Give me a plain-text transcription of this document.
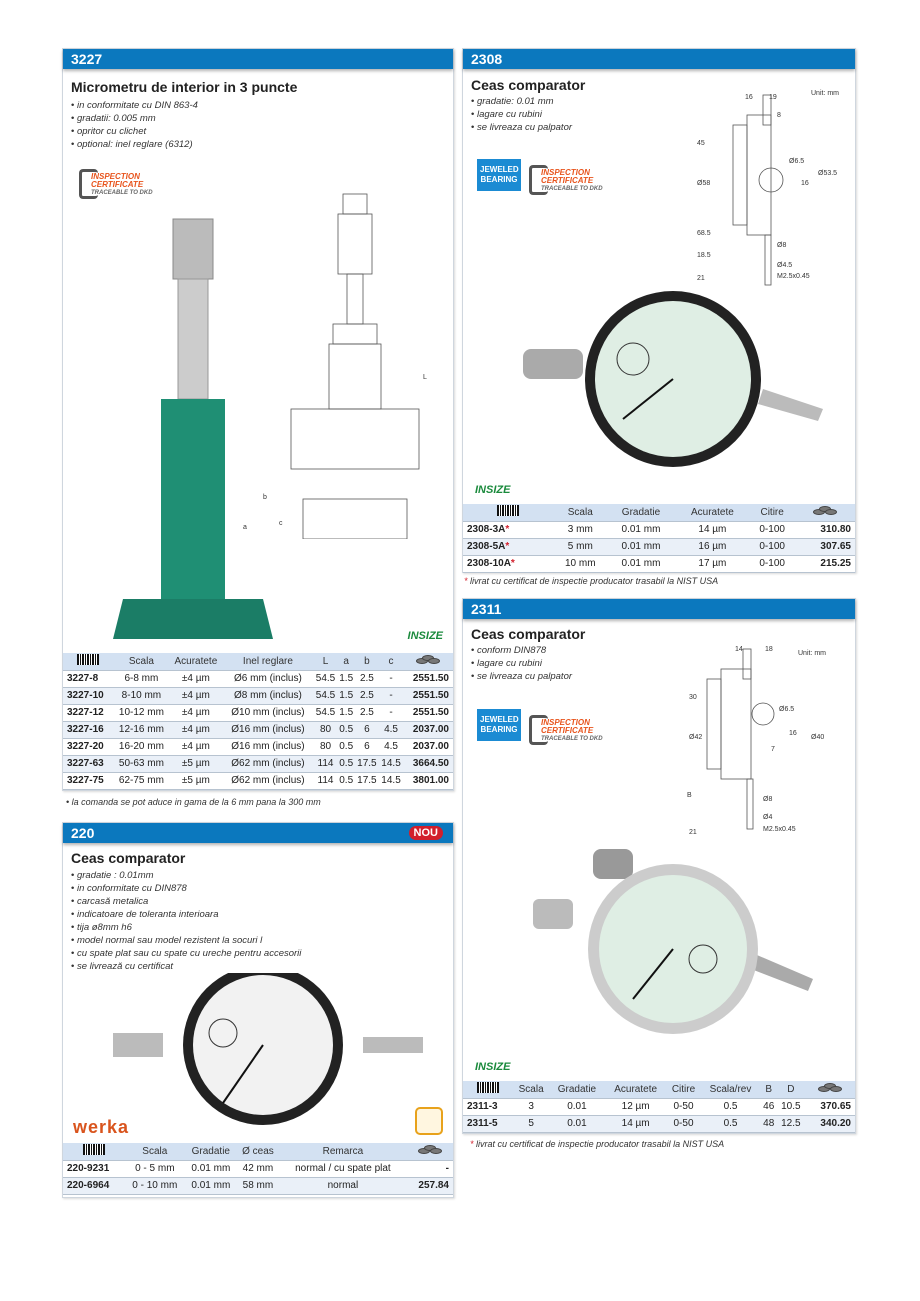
3227
Micrometru de interior in 3 puncte
• in conformitate cu DIN 863-4
• gradatii: 0.005 mm
• opritor cu clichet
• optional: inel reglare (6312)
INSPECTION
CERTIFICATE
TRACEABLE TO DKD
L
a
b
c
INSIZE
	Scala	Acuratete	Inel reglare	L	a	b	c	

3227-8	6-8 mm	±4 µm	Ø6 mm (inclus)	54.5	1.5	2.5	-	2551.50
3227-10	8-10 mm	±4 µm	Ø8 mm (inclus)	54.5	1.5	2.5	-	2551.50
3227-12	10-12 mm	±4 µm	Ø10 mm (inclus)	54.5	1.5	2.5	-	2551.50
3227-16	12-16 mm	±4 µm	Ø16 mm (inclus)	80	0.5	6	4.5	2037.00
3227-20	16-20 mm	±4 µm	Ø16 mm (inclus)	80	0.5	6	4.5	2037.00
3227-63	50-63 mm	±5 µm	Ø62 mm (inclus)	114	0.5	17.5	14.5	3664.50
3227-75	62-75 mm	±5 µm	Ø62 mm (inclus)	114	0.5	17.5	14.5	3801.00
• la comanda se pot aduce in gama de la 6 mm pana la 300 mm
2308
Ceas comparator
• gradatie: 0.01 mm
• lagare cu rubini
• se livreaza cu palpator
JEWELED BEARING
INSPECTION
CERTIFICATE
TRACEABLE TO DKD
Unit: mm
16 19
8
45
Ø58
Ø6.5
16
Ø53.5
68.5
18.5
Ø8
21
Ø4.5
M2.5x0.45
INSIZE
	Scala	Gradatie	Acuratete	Citire	

2308-3A*	3 mm	0.01 mm	14 µm	0-100	310.80
2308-5A*	5 mm	0.01 mm	16 µm	0-100	307.65
2308-10A*	10 mm	0.01 mm	17 µm	0-100	215.25
* livrat cu certificat de inspectie producator trasabil la NIST USA
2311
Ceas comparator
• conform DIN878
• lagare cu rubini
• se livreaza cu palpator
JEWELED BEARING
INSPECTION
CERTIFICATE
TRACEABLE TO DKD
Unit: mm
14	18
30
Ø42
Ø6.5
16
Ø40
7
B
Ø8
Ø4
21	M2.5x0.45
INSIZE
	Scala	Gradatie	Acuratete	Citire	Scala/rev	B	D	

2311-3	3	0.01	12 µm	0-50	0.5	46	10.5	370.65
2311-5	5	0.01	14 µm	0-50	0.5	48	12.5	340.20
* livrat cu certificat de inspectie producator trasabil la NIST USA
220	NOU
Ceas comparator
• gradatie : 0.01mm
• in conformitate cu DIN878
• carcasă metalica
• indicatoare de toleranta interioara
• tija ø8mm h6
• model normal sau model rezistent la socuri l
• cu spate plat sau cu spate cu ureche pentru accesorii
• se livrează cu certificat
werka
	Scala	Gradatie	Ø ceas	Remarca	

220-9231	0 - 5 mm	0.01 mm	42 mm	normal / cu spate plat	-
220-6964	0 - 10 mm	0.01 mm	58 mm	normal	257.84
